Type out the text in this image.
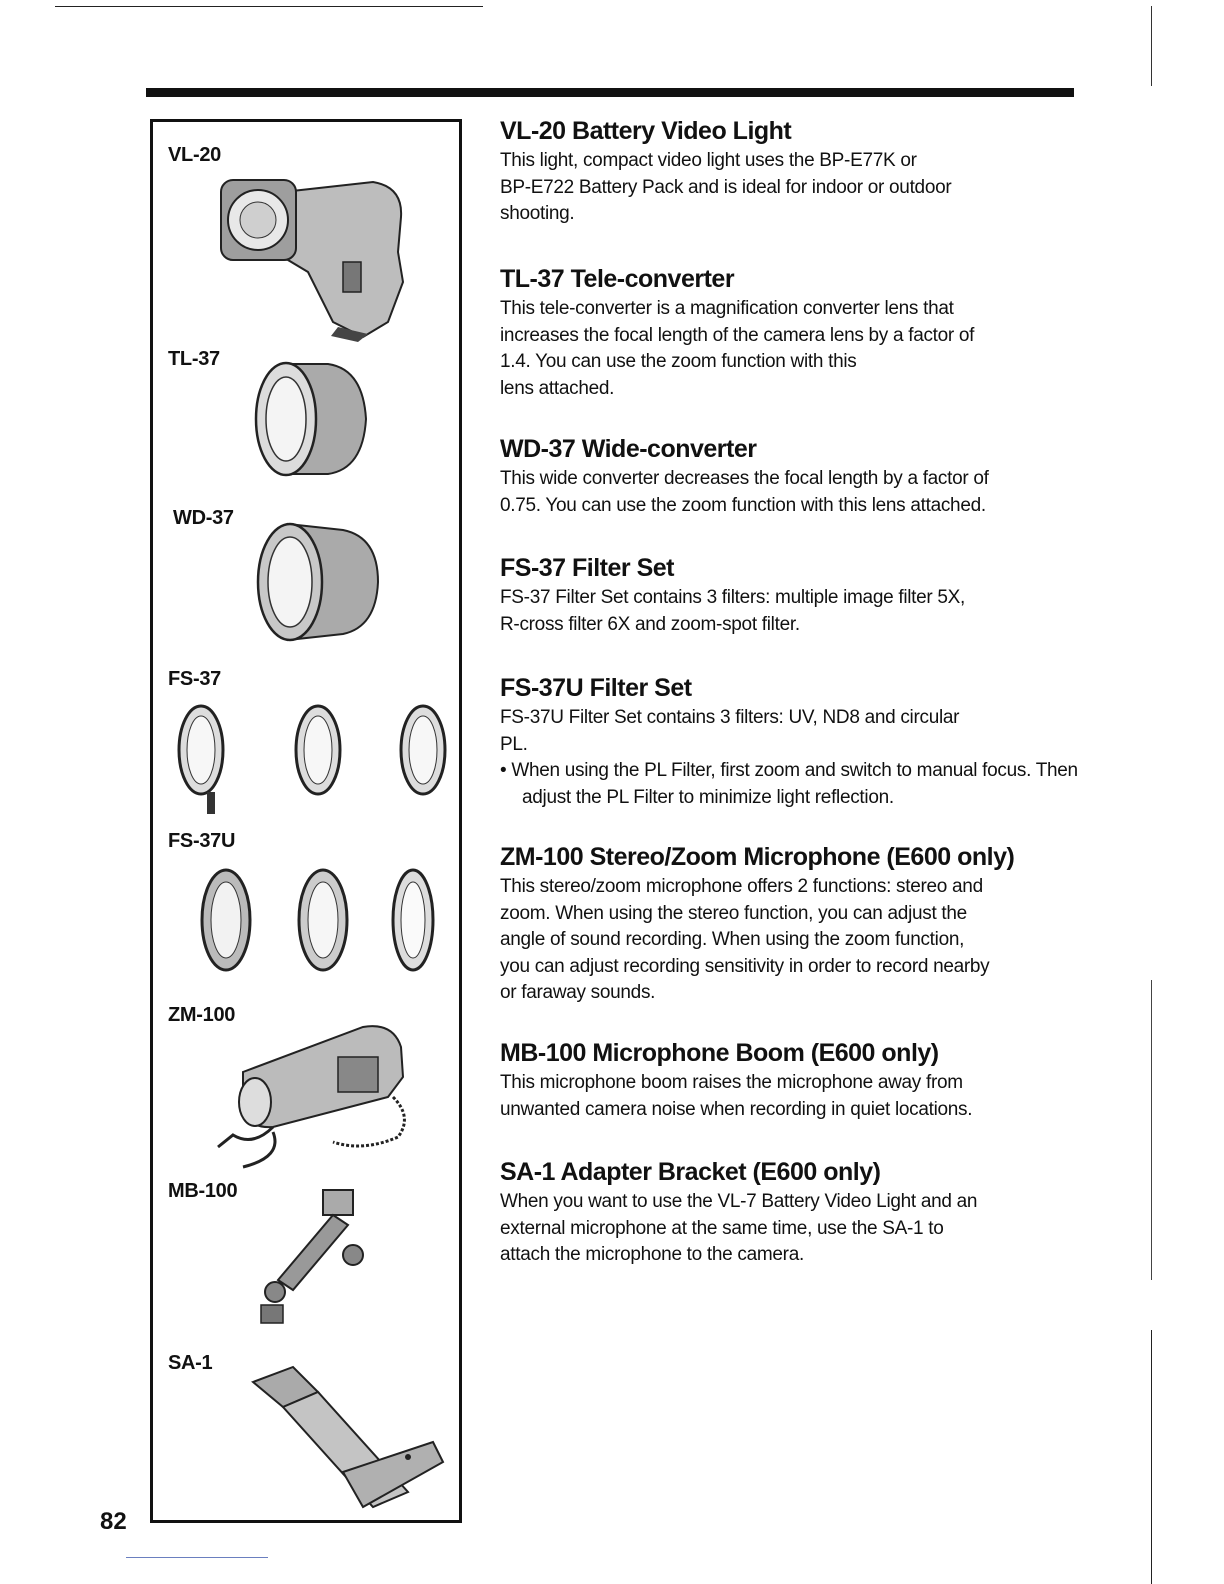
VL-20
TL-37
WD-37
FS-37
FS-37U
ZM-100
MB-100
SA-1
82
VL-20 Battery Video Light

This light, compact video light uses the BP-E77K or

BP-E722 Battery Pack and is ideal for indoor or outdoor

shooting.

TL-37 Tele-converter

This tele-converter is a magnification converter lens that

increases the focal length of the camera lens by a factor of

1.4. You can use the zoom function with this

lens attached.

WD-37 Wide-converter

This wide converter decreases the focal length by a factor of

0.75. You can use the zoom function with this lens attached.

FS-37 Filter Set

FS-37 Filter Set contains 3 filters: multiple image filter 5X,

R-cross filter 6X and zoom-spot filter.

FS-37U Filter Set

FS-37U Filter Set contains 3 filters: UV, ND8 and circular

PL.

• When using the PL Filter, first zoom and switch to manual focus. Then adjust the PL Filter to minimize light reflection.

ZM-100 Stereo/Zoom Microphone (E600 only)

This stereo/zoom microphone offers 2 functions: stereo and

zoom. When using the stereo function, you can adjust the

angle of sound recording. When using the zoom function,

you can adjust recording sensitivity in order to record nearby

or faraway sounds.

MB-100 Microphone Boom (E600 only)

This microphone boom raises the microphone away from

unwanted camera noise when recording in quiet locations.

SA-1 Adapter Bracket (E600 only)

When you want to use the VL-7 Battery Video Light and an

external microphone at the same time, use the SA-1 to

attach the microphone to the camera.
